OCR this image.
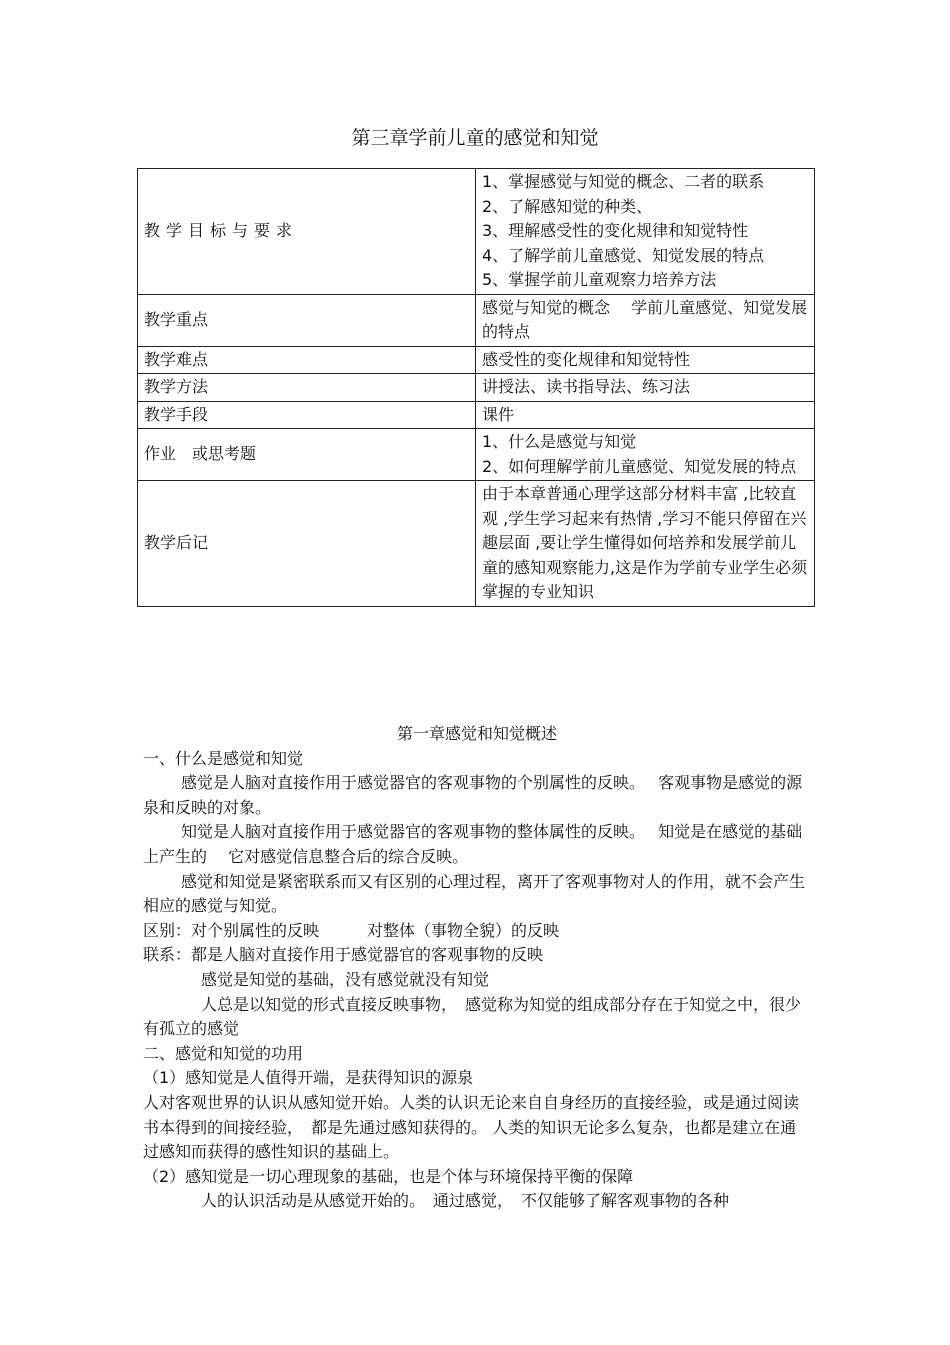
第三章学前儿童的感觉和知觉
教学目标与要求	1、掌握感觉与知觉的概念、二者的联系
2、了解感知觉的种类、
3、理解感受性的变化规律和知觉特性
4、了解学前儿童感觉、知觉发展的特点
5、掌握学前儿童观察力培养方法

教学重点	感觉与知觉的概念　 学前儿童感觉、知觉发展的特点
教学难点	感受性的变化规律和知觉特性
教学方法	讲授法、读书指导法、练习法
教学手段	课件
作业　或思考题	1、什么是感觉与知觉
2、如何理解学前儿童感觉、知觉发展的特点

教学后记	由于本章普通心理学这部分材料丰富 ,比较直观 ,学生学习起来有热情 ,学习不能只停留在兴趣层面 ,要让学生懂得如何培养和发展学前儿童的感知观察能力,这是作为学前专业学生必须掌握的专业知识

第一章感觉和知觉概述

一、什么是感觉和知觉

感觉是人脑对直接作用于感觉器官的客观事物的个别属性的反映。　 客观事物是感觉的源泉和反映的对象。

知觉是人脑对直接作用于感觉器官的客观事物的整体属性的反映。　 知觉是在感觉的基础上产生的　 它对感觉信息整合后的综合反映。

感觉和知觉是紧密联系而又有区别的心理过程，离开了客观事物对人的作用，就不会产生相应的感觉与知觉。

区别：对个别属性的反映　　　对整体（事物全貌）的反映

联系：都是人脑对直接作用于感觉器官的客观事物的反映

感觉是知觉的基础，没有感觉就没有知觉

人总是以知觉的形式直接反映事物，　感觉称为知觉的组成部分存在于知觉之中，很少有孤立的感觉

二、感觉和知觉的功用

（1）感知觉是人值得开端，是获得知识的源泉

人对客观世界的认识从感知觉开始。人类的认识无论来自自身经历的直接经验，或是通过阅读书本得到的间接经验，　都是先通过感知获得的。 人类的知识无论多么复杂，也都是建立在通过感知而获得的感性知识的基础上。

（2）感知觉是一切心理现象的基础，也是个体与环境保持平衡的保障

人的认识活动是从感觉开始的。　通过感觉，　不仅能够了解客观事物的各种
